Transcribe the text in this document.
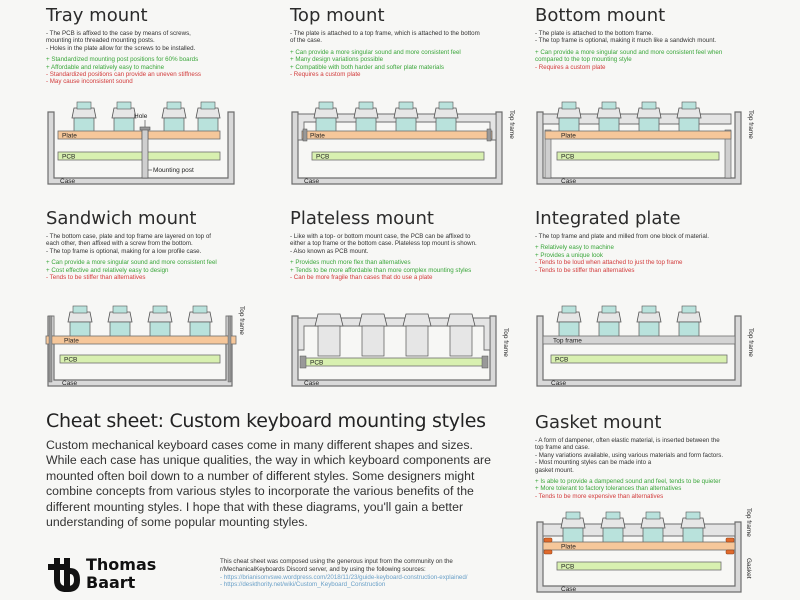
Tray mount
- The PCB is affixed to the case by means of screws,
mounting into threaded mounting posts.
- Holes in the plate allow for the screws to be installed.
+ Standardized mounting post positions for 60% boards
+ Affordable and relatively easy to machine
- Standardized positions can provide an uneven stiffness
- May cause inconsistent sound
Plate
Hole
PCB
Mounting post
Case
Top mount
- The plate is attached to a top frame, which is attached to the bottom
of the case.
+ Can provide a more singular sound and more consistent feel
+ Many design variations possible
+ Compatible with both harder and softer plate materials
- Requires a custom plate
Plate
PCB
Case
Top frame
Bottom mount
- The plate is attached to the bottom frame.
- The top frame is optional, making it much like a sandwich mount.
+ Can provide a more singular sound and more consistent feel when
compared to the top mounting style
- Requires a custom plate
Plate
PCB
Case
Top frame
Sandwich mount
- The bottom case, plate and top frame are layered on top of
each other, then affixed with a screw from the bottom.
- The top frame is optional, making for a low profile case.
+ Can provide a more singular sound and more consistent feel
+ Cost effective and relatively easy to design
- Tends to be stiffer than alternatives
Plate
PCB
Case
Top frame
Plateless mount
- Like with a top- or bottom mount case, the PCB can be affixed to
either a top frame or the bottom case. Plateless top mount is shown.
- Also known as PCB mount.
+ Provides much more flex than alternatives
+ Tends to be more affordable than more complex mounting styles
- Can be more fragile than cases that do use a plate
PCB
Case
Top frame
Integrated plate
- The top frame and plate and milled from one block of material.
+ Relatively easy to machine
+ Provides a unique look
- Tends to be loud when attached to just the top frame
- Tends to be stiffer than alternatives
Top frame
PCB
Case
Top frame
Gasket mount
- A form of dampener, often elastic material, is inserted between the
top frame and case.
- Many variations available, using various materials and form factors.
- Most mounting styles can be made into a
gasket mount.
+ Is able to provide a dampened sound and feel, tends to be quieter
+ More tolerant to factory tolerances than alternatives
- Tends to be more expensive than alternatives
Plate
PCB
Case
Top frame
Gasket
Cheat sheet: Custom keyboard mounting styles

Custom mechanical keyboard cases come in many different shapes and sizes. While each case has unique qualities, the way in which keyboard components are mounted often boil down to a number of different styles. Some designers might combine concepts from various styles to incorporate the various benefits of the different mounting styles. I hope that with these diagrams, you'll gain a better understanding of some popular mounting styles.

Thomas
Baart
This cheat sheet was composed using the generous input from the community on the
r/MechanicalKeyboards Discord server, and by using the following sources:
- https://brianisonvswe.wordpress.com/2018/11/23/guide-keyboard-construction-explained/
- https://deskthority.net/wiki/Custom_Keyboard_Construction
